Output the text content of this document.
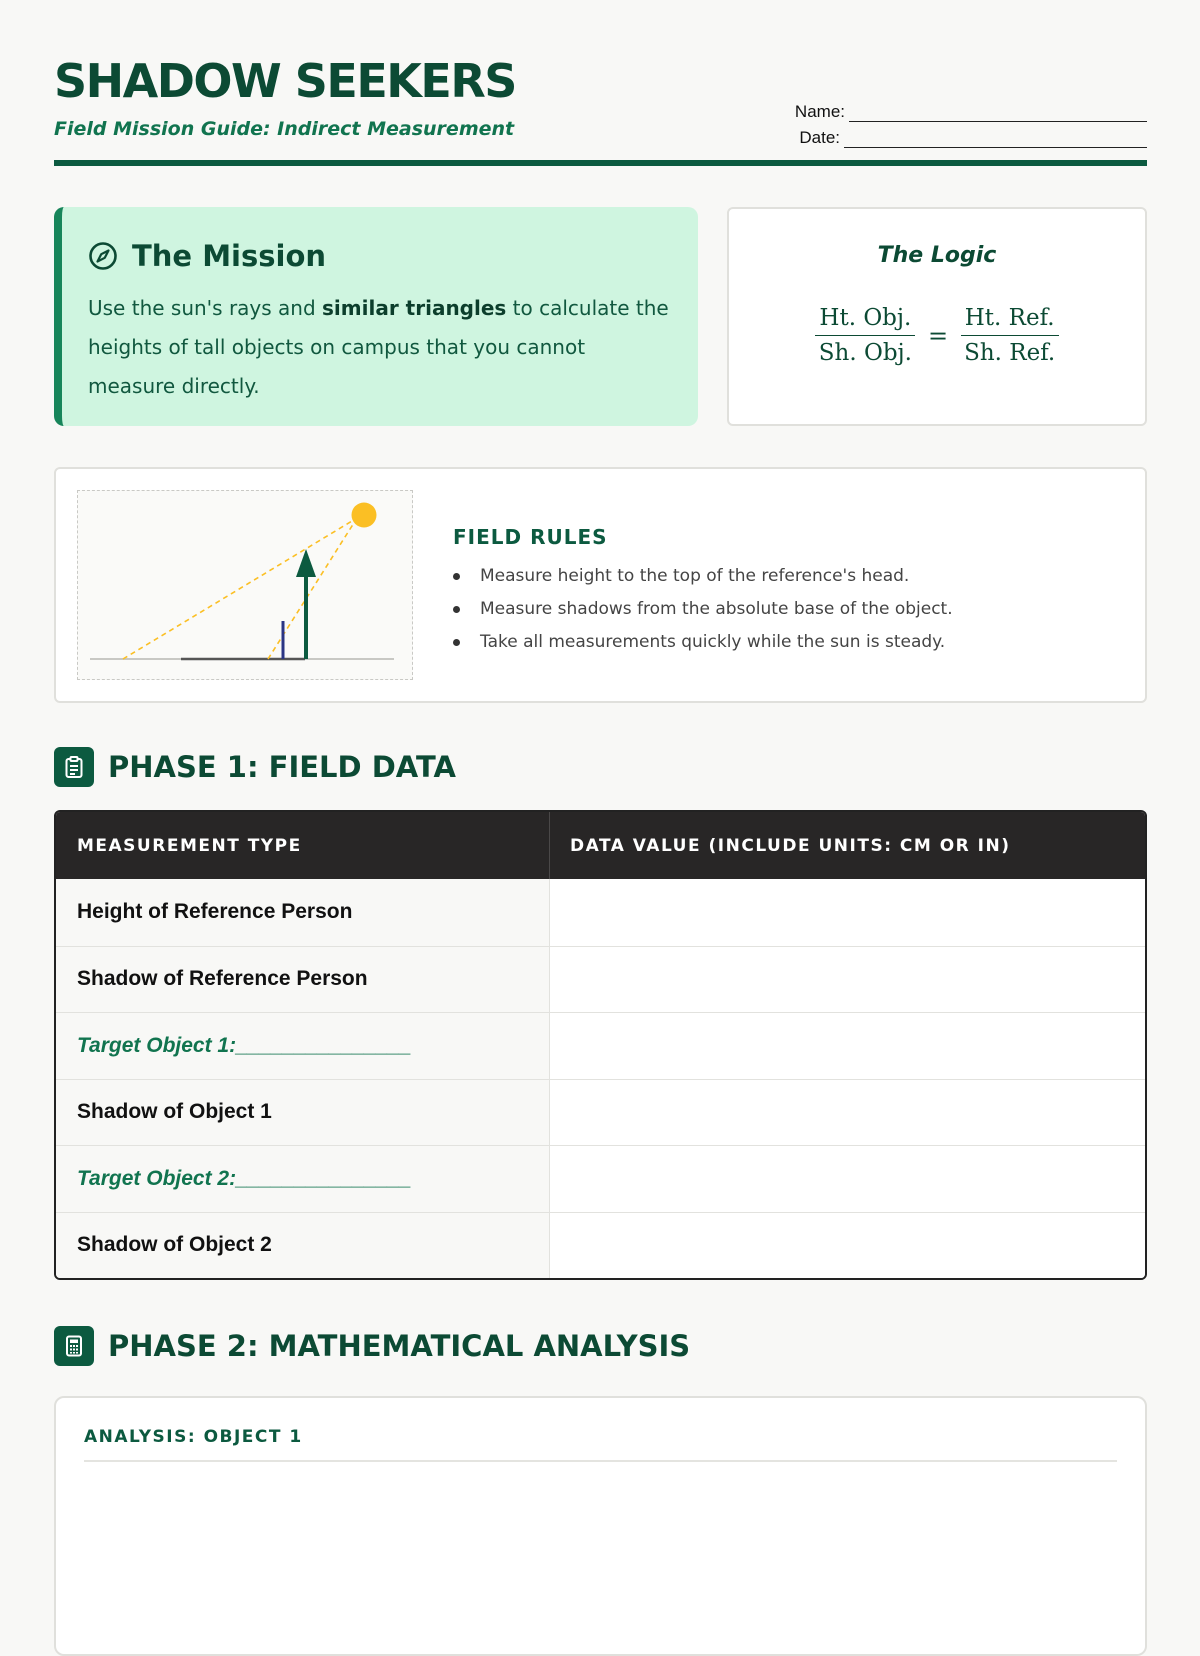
SHADOW SEEKERS
Field Mission Guide: Indirect Measurement
Name:
Date:
The Mission
Use the sun's rays and similar triangles to calculate the heights of tall objects on campus that you cannot measure directly.
The Logic
$\frac{\text{Ht. Obj.}}{\text{Sh. Obj.}} = \frac{\text{Ht. Ref.}}{\text{Sh. Ref.}}$
FIELD RULES
Measure height to the top of the reference's head.
Measure shadows from the absolute base of the object.
Take all measurements quickly while the sun is steady.
PHASE 1: FIELD DATA
MEASUREMENT TYPE	DATA VALUE (INCLUDE UNITS: CM OR IN)
Height of Reference Person
Shadow of Reference Person
Target Object 1:_______________
Shadow of Object 1
Target Object 2:_______________
Shadow of Object 2
PHASE 2: MATHEMATICAL ANALYSIS
ANALYSIS: OBJECT 1
